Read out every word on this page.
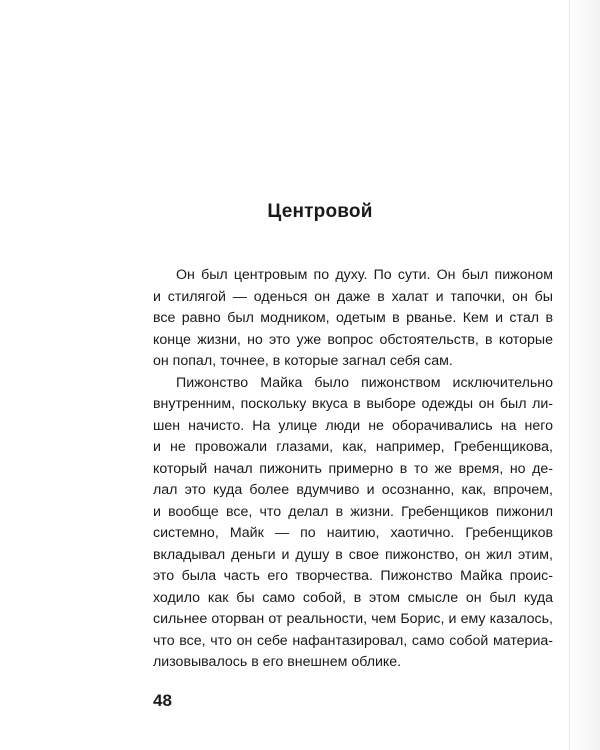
Центровой
Он был центровым по духу. По сути. Он был пижоном
и стилягой — оденься он даже в халат и тапочки, он бы
все равно был модником, одетым в рванье. Кем и стал в
конце жизни, но это уже вопрос обстоятельств, в которые
он попал, точнее, в которые загнал себя сам.
Пижонство Майка было пижонством исключительно
внутренним, поскольку вкуса в выборе одежды он был ли-
шен начисто. На улице люди не оборачивались на него
и не провожали глазами, как, например, Гребенщикова,
который начал пижонить примерно в то же время, но де-
лал это куда более вдумчиво и осознанно, как, впрочем,
и вообще все, что делал в жизни. Гребенщиков пижонил
системно, Майк — по наитию, хаотично. Гребенщиков
вкладывал деньги и душу в свое пижонство, он жил этим,
это была часть его творчества. Пижонство Майка проис-
ходило как бы само собой, в этом смысле он был куда
сильнее оторван от реальности, чем Борис, и ему казалось,
что все, что он себе нафантазировал, само собой материа-
лизовывалось в его внешнем облике.
48
